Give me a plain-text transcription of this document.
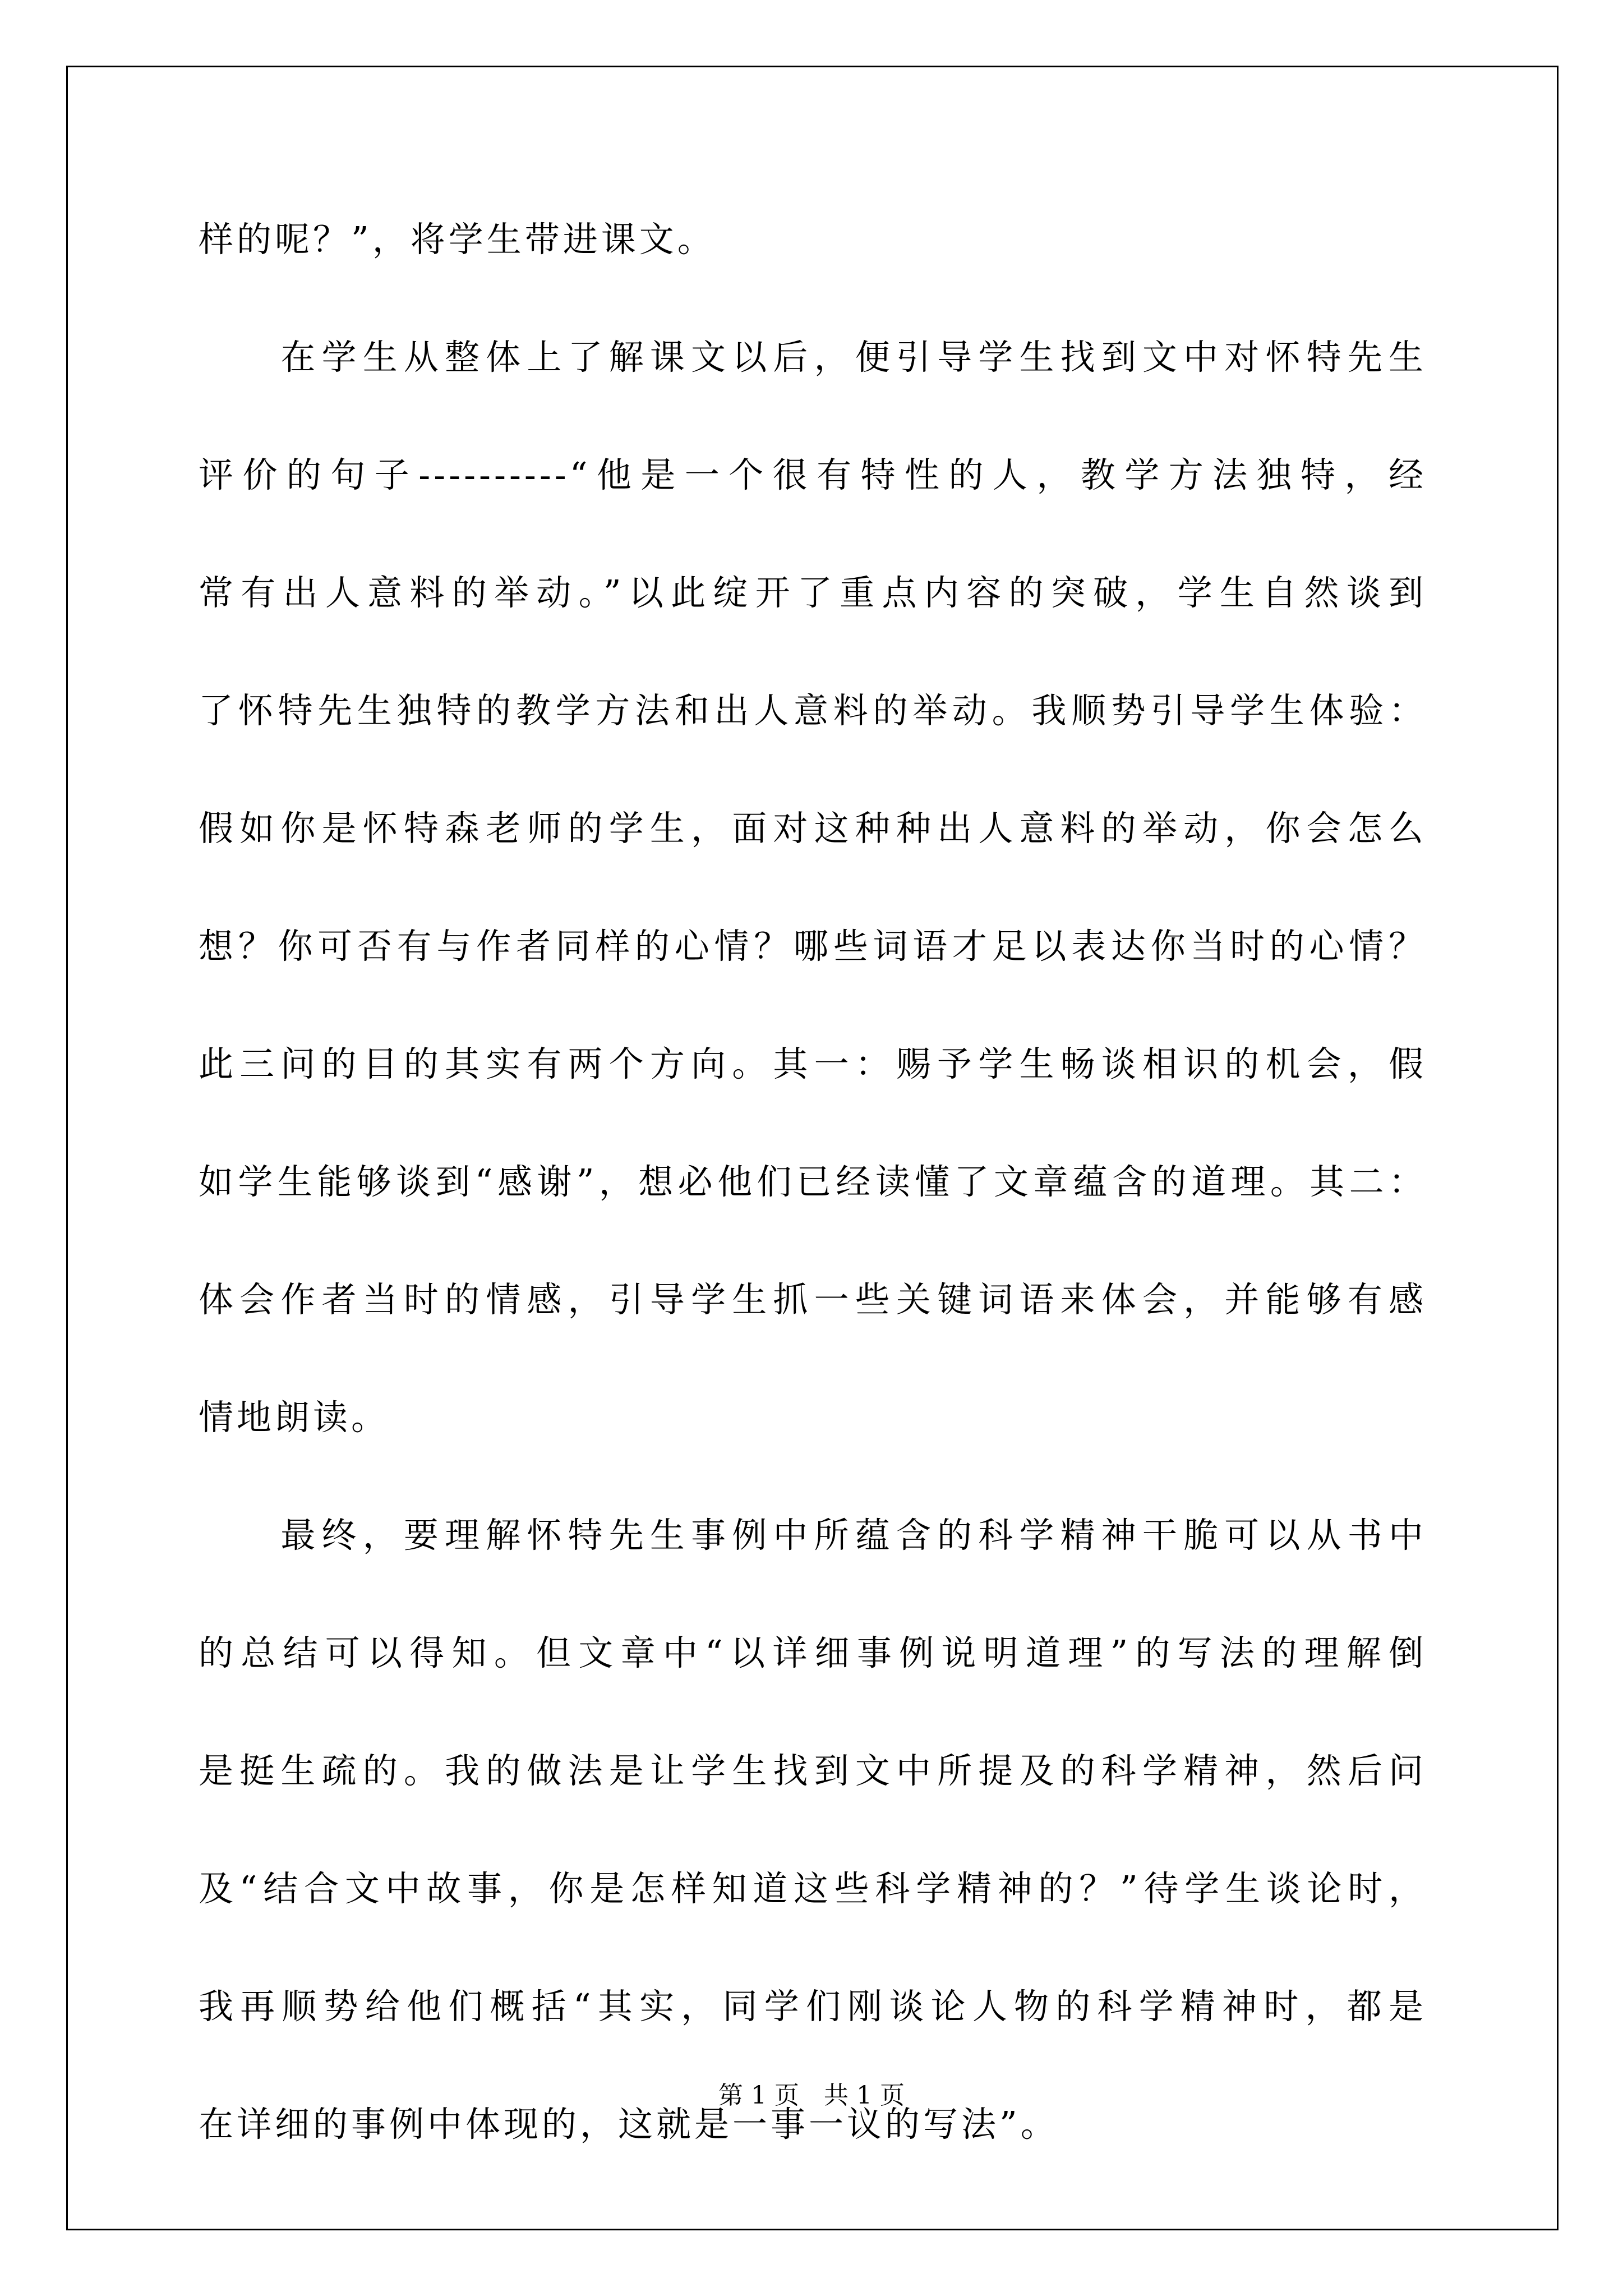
样的呢？”，将学生带进课文。

　　在学生从整体上了解课文以后，便引导学生找到文中对怀特先生

评价的句子----------“他是一个很有特性的人，教学方法独特，经

常有出人意料的举动。”以此绽开了重点内容的突破，学生自然谈到

了怀特先生独特的教学方法和出人意料的举动。我顺势引导学生体验：

假如你是怀特森老师的学生，面对这种种出人意料的举动，你会怎么

想？你可否有与作者同样的心情？哪些词语才足以表达你当时的心情？

此三问的目的其实有两个方向。其一：赐予学生畅谈相识的机会，假

如学生能够谈到“感谢”，想必他们已经读懂了文章蕴含的道理。其二：

体会作者当时的情感，引导学生抓一些关键词语来体会，并能够有感

情地朗读。

　　最终，要理解怀特先生事例中所蕴含的科学精神干脆可以从书中

的总结可以得知。但文章中“以详细事例说明道理”的写法的理解倒

是挺生疏的。我的做法是让学生找到文中所提及的科学精神，然后问

及“结合文中故事，你是怎样知道这些科学精神的？”待学生谈论时，

我再顺势给他们概括“其实，同学们刚谈论人物的科学精神时，都是

在详细的事例中体现的，这就是一事一议的写法”。

第 1 页　共 1 页
